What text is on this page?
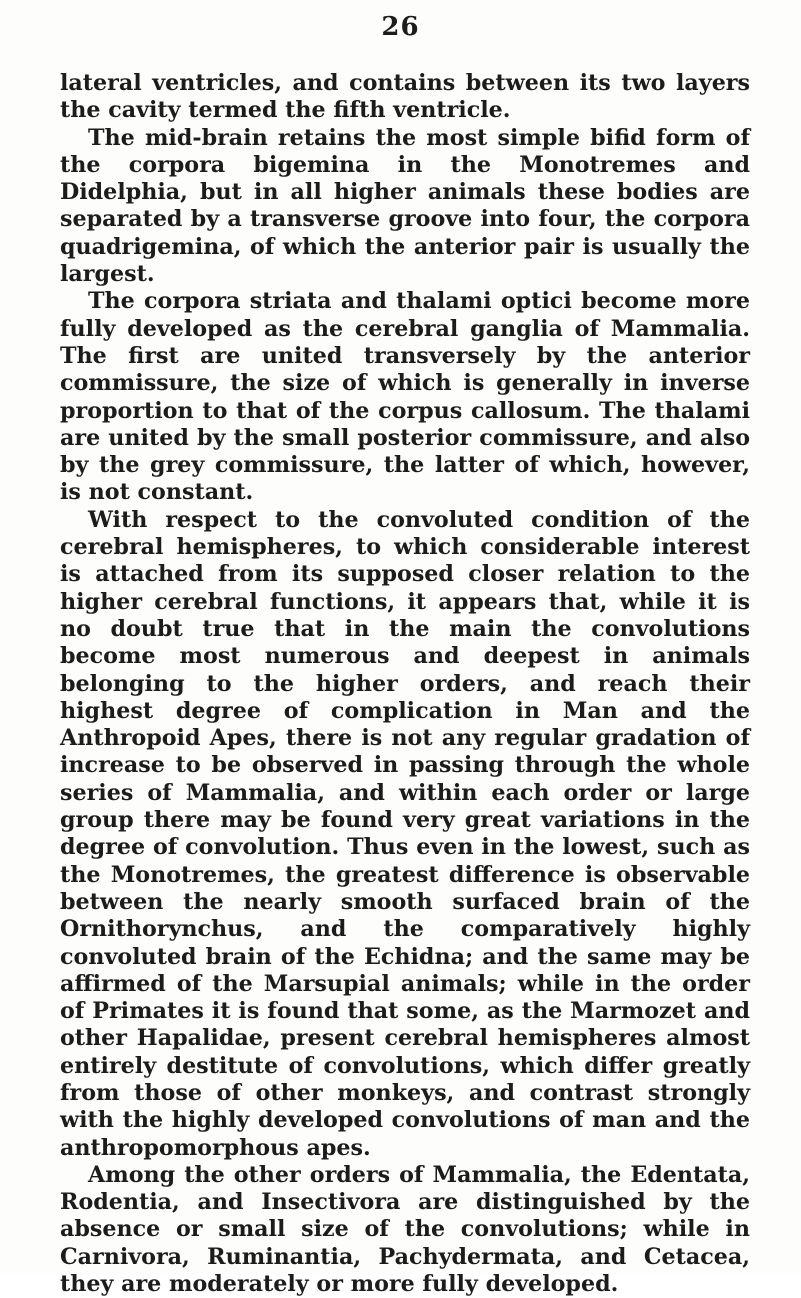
26

lateral ventricles, and contains between its two layers the cavity termed the fifth ventricle.

The mid-brain retains the most simple bifid form of the corpora bigemina in the Monotremes and Didelphia, but in all higher animals these bodies are separated by a transverse groove into four, the corpora quadrigemina, of which the anterior pair is usually the largest.

The corpora striata and thalami optici become more fully developed as the cerebral ganglia of Mammalia. The first are united transversely by the anterior commissure, the size of which is generally in inverse proportion to that of the corpus callosum. The thalami are united by the small posterior commissure, and also by the grey commissure, the latter of which, however, is not constant.

With respect to the convoluted condition of the cerebral hemispheres, to which considerable interest is attached from its supposed closer relation to the higher cerebral functions, it appears that, while it is no doubt true that in the main the convolutions become most numerous and deepest in animals belonging to the higher orders, and reach their highest degree of complication in Man and the Anthropoid Apes, there is not any regular gradation of increase to be observed in passing through the whole series of Mammalia, and within each order or large group there may be found very great variations in the degree of convolution. Thus even in the lowest, such as the Monotremes, the greatest difference is observable between the nearly smooth surfaced brain of the Ornithorynchus, and the comparatively highly convoluted brain of the Echidna; and the same may be affirmed of the Marsupial animals; while in the order of Primates it is found that some, as the Marmozet and other Hapalidae, present cerebral hemispheres almost entirely destitute of convolutions, which differ greatly from those of other monkeys, and contrast strongly with the highly developed convolutions of man and the anthropomorphous apes.

Among the other orders of Mammalia, the Edentata, Rodentia, and Insectivora are distinguished by the absence or small size of the convolutions; while in Carnivora, Ruminantia, Pachydermata, and Cetacea, they are moderately or more fully developed.
